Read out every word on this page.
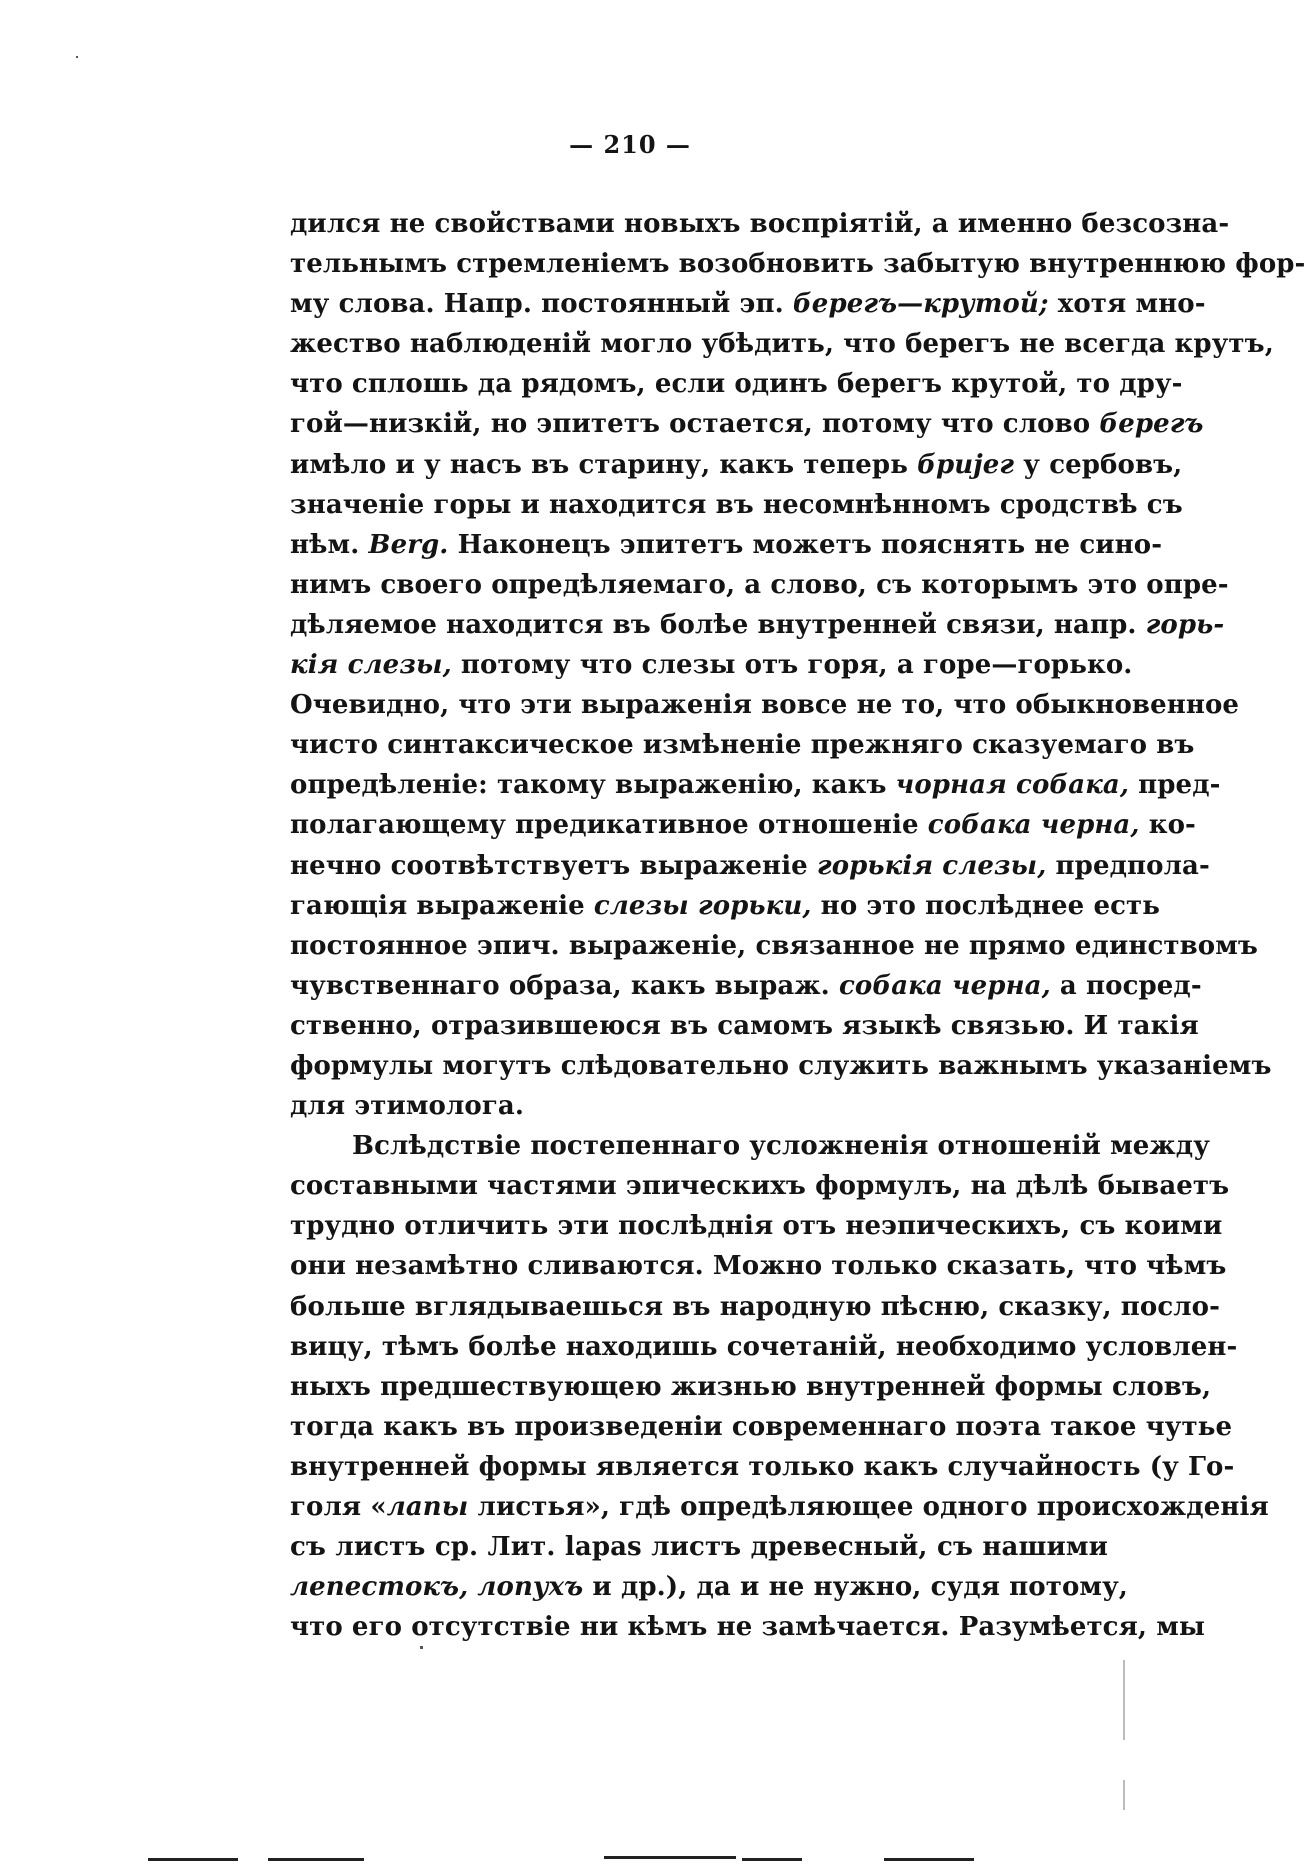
— 210 —
дился не свойствами новыхъ воспріятій, а именно безсозна-
тельнымъ стремленіемъ возобновить забытую внутреннюю фор-
му слова. Напр. постоянный эп. берегъ—крутой; хотя мно-
жество наблюденій могло убѣдить, что берегъ не всегда крутъ,
что сплошь да рядомъ, если одинъ берегъ крутой, то дру-
гой—низкій, но эпитетъ остается, потому что слово берегъ
имѣло и у насъ въ старину, какъ теперь бријег у сербовъ,
значеніе горы и находится въ несомнѣнномъ сродствѣ съ
нѣм. Berg. Наконецъ эпитетъ можетъ пояснять не сино-
нимъ своего опредѣляемаго, а слово, съ которымъ это опре-
дѣляемое находится въ болѣе внутренней связи, напр. горь-
кія слезы, потому что слезы отъ горя, а горе—горько.
Очевидно, что эти выраженія вовсе не то, что обыкновенное
чисто синтаксическое измѣненіе прежняго сказуемаго въ
опредѣленіе: такому выраженію, какъ чорная собака, пред-
полагающему предикативное отношеніе собака черна, ко-
нечно соотвѣтствуетъ выраженіе горькія слезы, предпола-
гающія выраженіе слезы горьки, но это послѣднее есть
постоянное эпич. выраженіе, связанное не прямо единствомъ
чувственнаго образа, какъ выраж. собака черна, а посред-
ственно, отразившеюся въ самомъ языкѣ связью. И такія
формулы могутъ слѣдовательно служить важнымъ указаніемъ
для этимолога.
Вслѣдствіе постепеннаго усложненія отношеній между
составными частями эпическихъ формулъ, на дѣлѣ бываетъ
трудно отличить эти послѣднія отъ неэпическихъ, съ коими
они незамѣтно сливаются. Можно только сказать, что чѣмъ
больше вглядываешься въ народную пѣсню, сказку, посло-
вицу, тѣмъ болѣе находишь сочетаній, необходимо условлен-
ныхъ предшествующею жизнью внутренней формы словъ,
тогда какъ въ произведеніи современнаго поэта такое чутье
внутренней формы является только какъ случайность (у Го-
голя «лапы листья», гдѣ опредѣляющее одного происхожденія
съ листъ ср. Лит. lapas листъ древесный, съ нашими
лепестокъ, лопухъ и др.), да и не нужно, судя потому,
что его отсутствіе ни кѣмъ не замѣчается. Разумѣется, мы
